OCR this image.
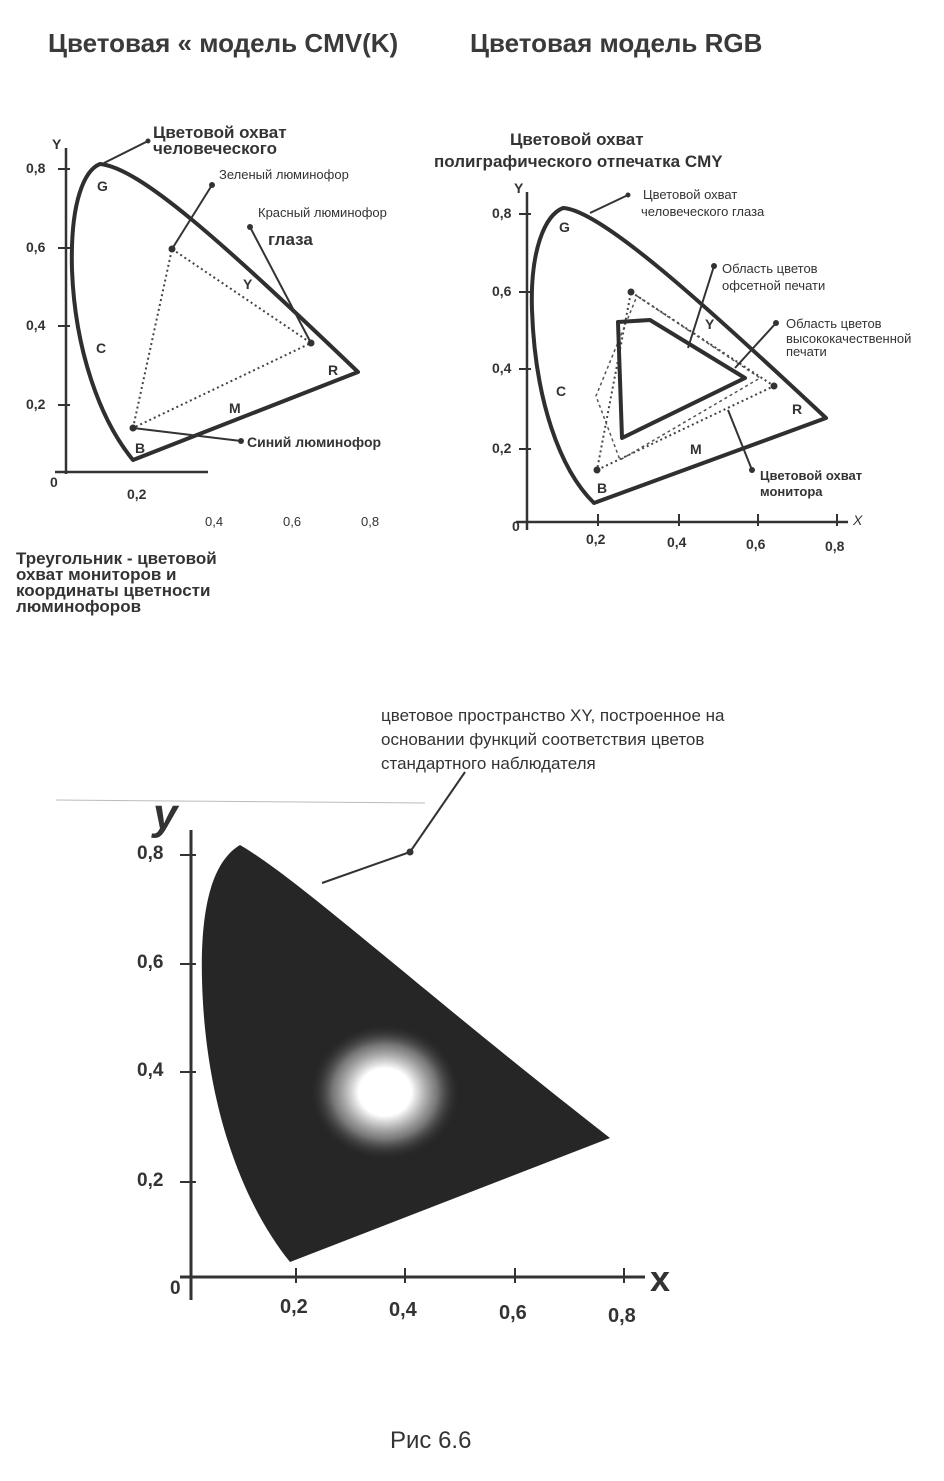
Цветовая « модель CMV(K)	Цветовая модель RGB
Y
0,8
0,6
0,4
0,2
0
0,2
0,4	0,6	0,8
Цветовой охват
человеческого
глаза
Зеленый люминофор
Красный люминофор
Синий люминофор
G
Y
C
R
M
B
Треугольник - цветовой
охват мониторов и
координаты цветности
люминофоров
Цветовой охват
полиграфического отпечатка CMY
Y
X
0,8
0,6
0,4
0,2
0
0,2	0,4	0,6	0,8
Цветовой охват
человеческого глаза
Область цветов
офсетной печати
Область цветов
высококачественной
печати
Цветовой охват
монитора
G
Y
C
R
M
B
цветовое пространство XY, построенное на
основании функций соответствия цветов
стандартного наблюдателя
y
x
0,8
0,6
0,4
0,2
0
0,2	0,4	0,6	0,8
Рис 6.6
